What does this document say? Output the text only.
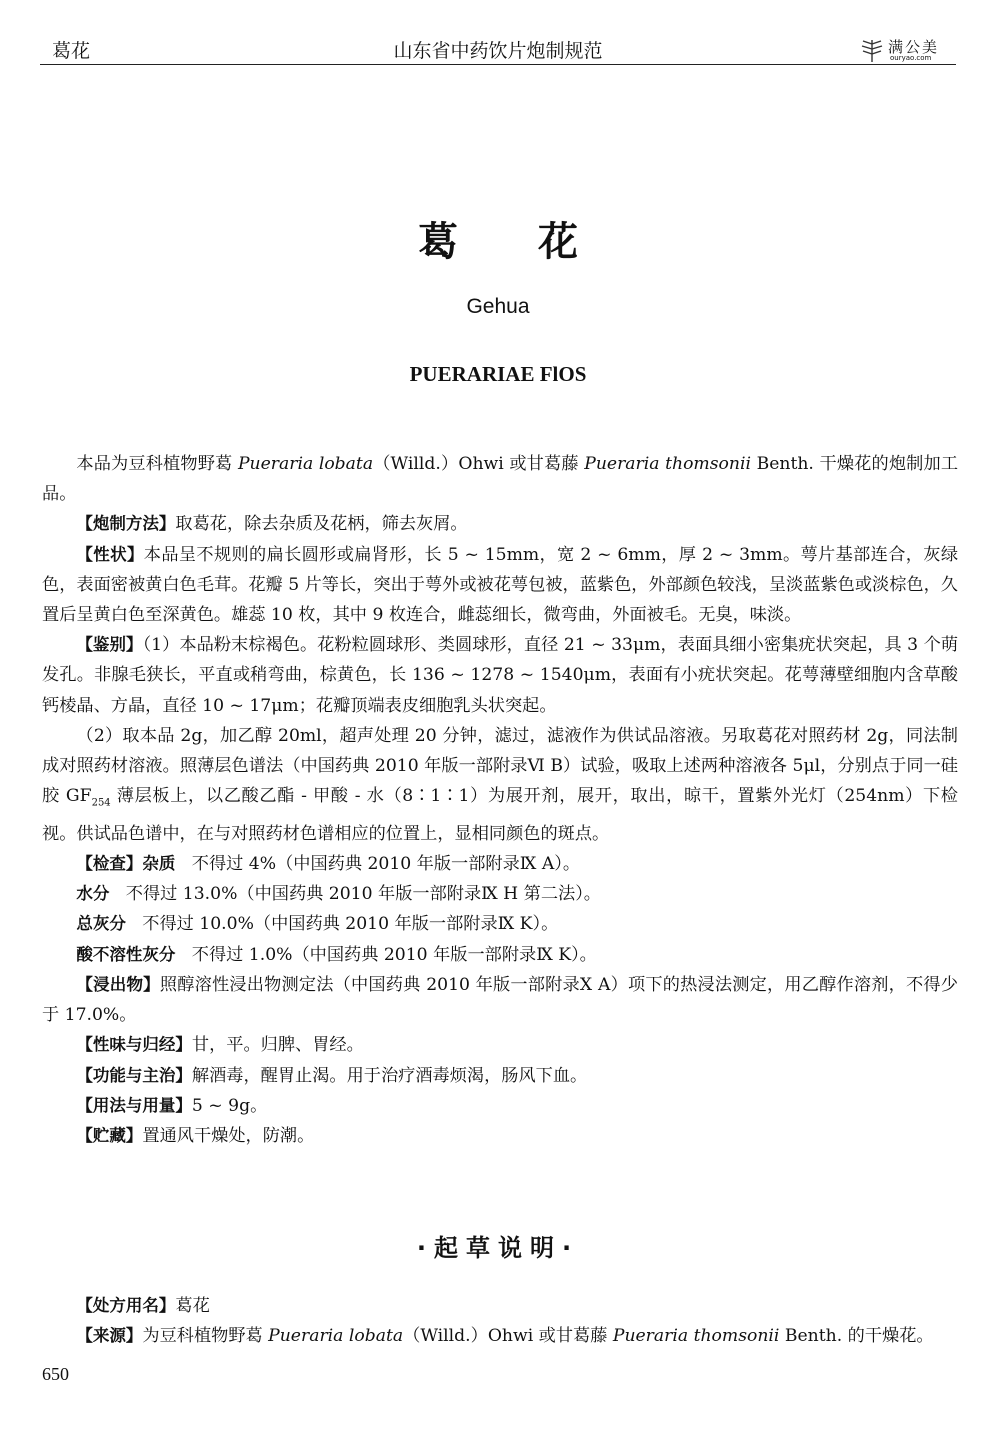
葛花	山东省中药饮片炮制规范	满公美
ouryao.com
葛花
Gehua
PUERARIAE FlOS

本品为豆科植物野葛 Pueraria lobata（Willd.）Ohwi 或甘葛藤 Pueraria thomsonii Benth. 干燥花的炮制加工品。

【炮制方法】取葛花，除去杂质及花柄，筛去灰屑。

【性状】本品呈不规则的扁长圆形或扁肾形，长 5 ~ 15mm，宽 2 ~ 6mm，厚 2 ~ 3mm。萼片基部连合，灰绿色，表面密被黄白色毛茸。花瓣 5 片等长，突出于萼外或被花萼包被，蓝紫色，外部颜色较浅，呈淡蓝紫色或淡棕色，久置后呈黄白色至深黄色。雄蕊 10 枚，其中 9 枚连合，雌蕊细长，微弯曲，外面被毛。无臭，味淡。

【鉴别】（1）本品粉末棕褐色。花粉粒圆球形、类圆球形，直径 21 ~ 33μm，表面具细小密集疣状突起，具 3 个萌发孔。非腺毛狭长，平直或稍弯曲，棕黄色，长 136 ~ 1278 ~ 1540μm，表面有小疣状突起。花萼薄壁细胞内含草酸钙棱晶、方晶，直径 10 ~ 17μm；花瓣顶端表皮细胞乳头状突起。

（2）取本品 2g，加乙醇 20ml，超声处理 20 分钟，滤过，滤液作为供试品溶液。另取葛花对照药材 2g，同法制成对照药材溶液。照薄层色谱法（中国药典 2010 年版一部附录Ⅵ B）试验，吸取上述两种溶液各 5μl，分别点于同一硅胶 $GF_{254}$ 薄层板上，以乙酸乙酯 - 甲酸 - 水（8∶1∶1）为展开剂，展开，取出，晾干，置紫外光灯（254nm）下检视。供试品色谱中，在与对照药材色谱相应的位置上，显相同颜色的斑点。

【检查】杂质 不得过 4%（中国药典 2010 年版一部附录Ⅸ A）。

水分 不得过 13.0%（中国药典 2010 年版一部附录Ⅸ H 第二法）。

总灰分 不得过 10.0%（中国药典 2010 年版一部附录Ⅸ K）。

酸不溶性灰分 不得过 1.0%（中国药典 2010 年版一部附录Ⅸ K）。

【浸出物】照醇溶性浸出物测定法（中国药典 2010 年版一部附录Ⅹ A）项下的热浸法测定，用乙醇作溶剂，不得少于 17.0%。

【性味与归经】甘，平。归脾、胃经。

【功能与主治】解酒毒，醒胃止渴。用于治疗酒毒烦渴，肠风下血。

【用法与用量】5 ~ 9g。

【贮藏】置通风干燥处，防潮。

·起草说明·

【处方用名】葛花

【来源】为豆科植物野葛 Pueraria lobata（Willd.）Ohwi 或甘葛藤 Pueraria thomsonii Benth. 的干燥花。

650
